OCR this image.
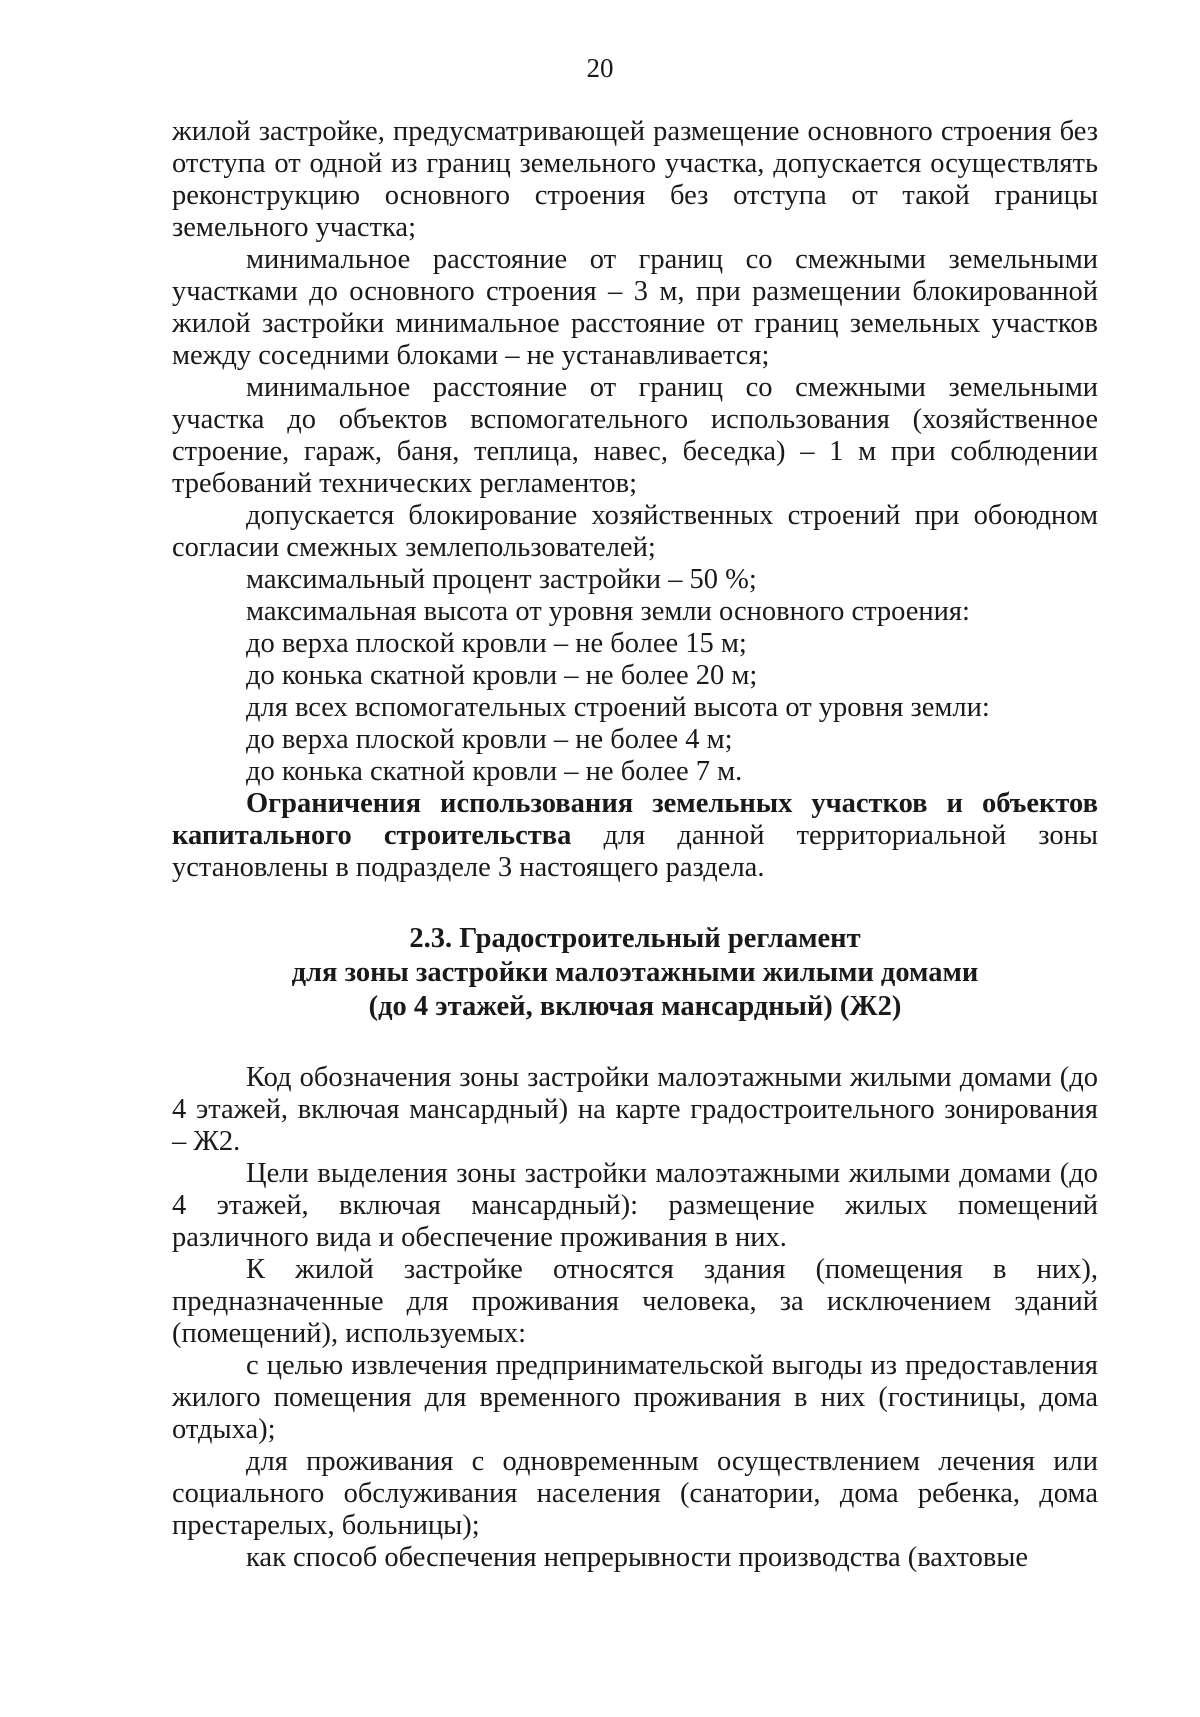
20

жилой застройке, предусматривающей размещение основного строения без отступа от одной из границ земельного участка, допускается осуществлять реконструкцию основного строения без отступа от такой границы земельного участка;

минимальное расстояние от границ со смежными земельными участками до основного строения – 3 м, при размещении блокированной жилой застройки минимальное расстояние от границ земельных участков между соседними блоками – не устанавливается;

минимальное расстояние от границ со смежными земельными участка до объектов вспомогательного использования (хозяйственное строение, гараж, баня, теплица, навес, беседка) – 1 м при соблюдении требований технических регламентов;

допускается блокирование хозяйственных строений при обоюдном согласии смежных землепользователей;

максимальный процент застройки – 50 %;

максимальная высота от уровня земли основного строения:

до верха плоской кровли – не более 15 м;

до конька скатной кровли – не более 20 м;

для всех вспомогательных строений высота от уровня земли:

до верха плоской кровли – не более 4 м;

до конька скатной кровли – не более 7 м.

Ограничения использования земельных участков и объектов капитального строительства для данной территориальной зоны установлены в подразделе 3 настоящего раздела.

2.3. Градостроительный регламент
для зоны застройки малоэтажными жилыми домами
(до 4 этажей, включая мансардный) (Ж2)

Код обозначения зоны застройки малоэтажными жилыми домами (до 4 этажей, включая мансардный) на карте градостроительного зонирования – Ж2.

Цели выделения зоны застройки малоэтажными жилыми домами (до 4 этажей, включая мансардный): размещение жилых помещений различного вида и обеспечение проживания в них.

К жилой застройке относятся здания (помещения в них), предназначенные для проживания человека, за исключением зданий (помещений), используемых:

с целью извлечения предпринимательской выгоды из предоставления жилого помещения для временного проживания в них (гостиницы, дома отдыха);

для проживания с одновременным осуществлением лечения или социального обслуживания населения (санатории, дома ребенка, дома престарелых, больницы);

как способ обеспечения непрерывности производства (вахтовые
